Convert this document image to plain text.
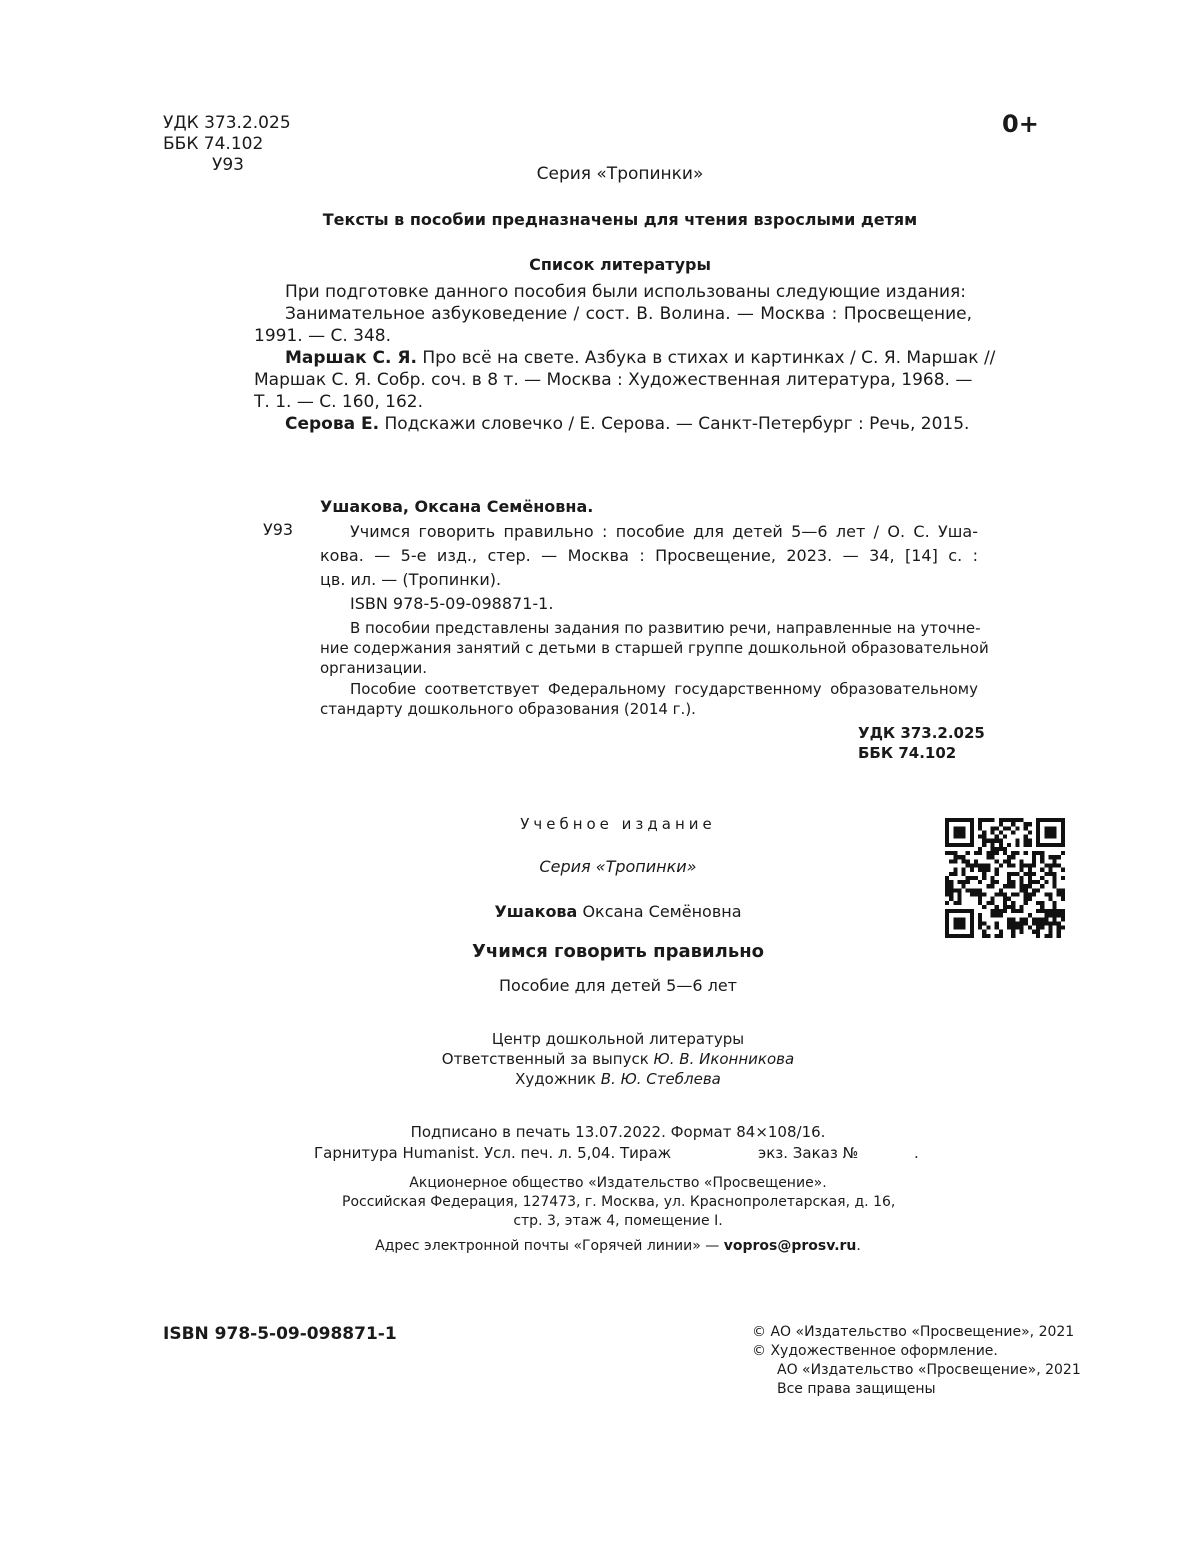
УДК 373.2.025
ББК 74.102
У93
0+
Серия «Тропинки»
Тексты в пособии предназначены для чтения взрослыми детям
Список литературы
При подготовке данного пособия были использованы следующие издания:
Занимательное азбуковедение / сост. В. Волина. — Москва : Просвещение,
1991. — С. 348.
Маршак С. Я. Про всё на свете. Азбука в стихах и картинках / С. Я. Маршак //
Маршак С. Я. Собр. соч. в 8 т. — Москва : Художественная литература, 1968. —
Т. 1. — С. 160, 162.
Серова Е. Подскажи словечко / Е. Серова. — Санкт-Петербург : Речь, 2015.
Ушакова, Оксана Семёновна.
У93	Учимся говорить правильно : пособие для детей 5—6 лет / О. С. Уша-
кова. — 5-е изд., стер. — Москва : Просвещение, 2023. — 34, [14] с. :
цв. ил. — (Тропинки).
ISBN 978-5-09-098871-1.
В пособии представлены задания по развитию речи, направленные на уточне-
ние содержания занятий с детьми в старшей группе дошкольной образовательной
организации.
Пособие соответствует Федеральному государственному образовательному
стандарту дошкольного образования (2014 г.).
УДК 373.2.025
ББК 74.102
Учебное издание
Серия «Тропинки»
Ушакова Оксана Семёновна
Учимся говорить правильно
Пособие для детей 5—6 лет
Центр дошкольной литературы
Ответственный за выпуск Ю. В. Иконникова
Художник В. Ю. Стеблева
Подписано в печать 13.07.2022. Формат 84×108/16.
Гарнитура Humanist. Усл. печ. л. 5,04. Тираж	экз. Заказ №	.
Акционерное общество «Издательство «Просвещение».
Российская Федерация, 127473, г. Москва, ул. Краснопролетарская, д. 16,
стр. 3, этаж 4, помещение I.
Адрес электронной почты «Горячей линии» — vopros@prosv.ru.
ISBN 978-5-09-098871-1	© АО «Издательство «Просвещение», 2021
© Художественное оформление.
АО «Издательство «Просвещение», 2021
Все права защищены
